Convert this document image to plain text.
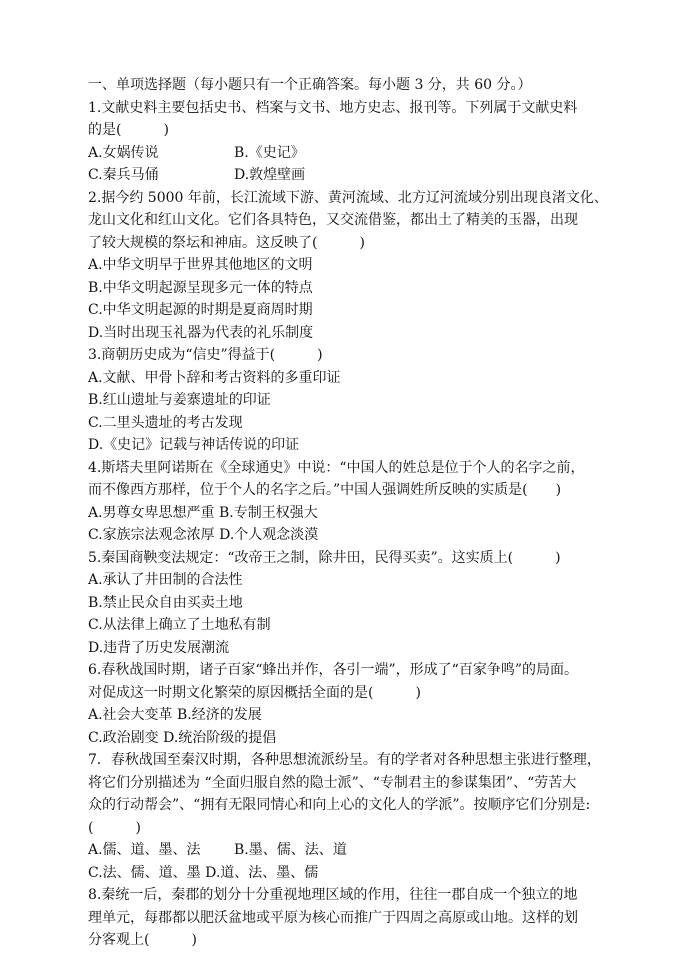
一、单项选择题（每小题只有一个正确答案。每小题 3 分，共 60 分。）
1.文献史料主要包括史书、档案与文书、地方史志、报刊等。下列属于文献史料
的是(　　　)
A.女娲传说	B.《史记》
C.秦兵马俑	D.敦煌壁画
2.据今约 5000 年前，长江流域下游、黄河流域、北方辽河流域分别出现良渚文化、
龙山文化和红山文化。它们各具特色，又交流借鉴，都出土了精美的玉器，出现
了较大规模的祭坛和神庙。这反映了(　　　)
A.中华文明早于世界其他地区的文明
B.中华文明起源呈现多元一体的特点
C.中华文明起源的时期是夏商周时期
D.当时出现玉礼器为代表的礼乐制度
3.商朝历史成为“信史”得益于(　　　)
A.文献、甲骨卜辞和考古资料的多重印证
B.红山遗址与姜寨遗址的印证
C.二里头遗址的考古发现
D.《史记》记载与神话传说的印证
4.斯塔夫里阿诺斯在《全球通史》中说：“中国人的姓总是位于个人的名字之前，
而不像西方那样，位于个人的名字之后。”中国人强调姓所反映的实质是(　　)
A.男尊女卑思想严重 B.专制王权强大
C.家族宗法观念浓厚 D.个人观念淡漠
5.秦国商鞅变法规定：“改帝王之制，除井田，民得买卖”。这实质上(　　　)
A.承认了井田制的合法性
B.禁止民众自由买卖土地
C.从法律上确立了土地私有制
D.违背了历史发展潮流
6.春秋战国时期，诸子百家“蜂出并作，各引一端”，形成了“百家争鸣”的局面。
对促成这一时期文化繁荣的原因概括全面的是(　　　)
A.社会大变革 B.经济的发展
C.政治剧变 D.统治阶级的提倡
7．春秋战国至秦汉时期，各种思想流派纷呈。有的学者对各种思想主张进行整理，
将它们分别描述为 “全面归服自然的隐士派”、“专制君主的参谋集团”、“劳苦大
众的行动帮会”、“拥有无限同情心和向上心的文化人的学派”。按顺序它们分别是:
(　　　)
A.儒、道、墨、法 B.墨、儒、法、道
C.法、儒、道、墨 D.道、法、墨、儒
8.秦统一后，秦郡的划分十分重视地理区域的作用，往往一郡自成一个独立的地
理单元，每郡都以肥沃盆地或平原为核心而推广于四周之高原或山地。这样的划
分客观上(　　　)
